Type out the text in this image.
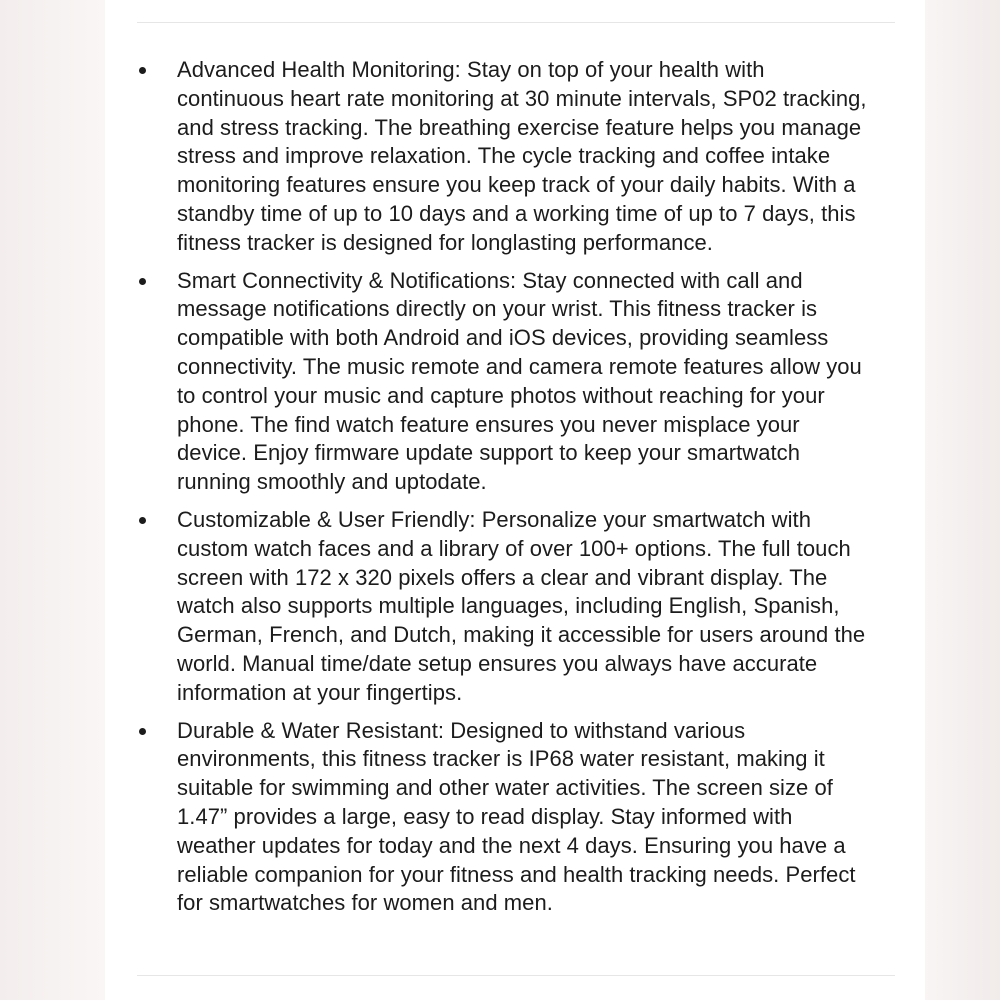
Advanced Health Monitoring: Stay on top of your health with continuous heart rate monitoring at 30 minute intervals, SP02 tracking, and stress tracking. The breathing exercise feature helps you manage stress and improve relaxation. The cycle tracking and coffee intake monitoring features ensure you keep track of your daily habits. With a standby time of up to 10 days and a working time of up to 7 days, this fitness tracker is designed for longlasting performance.
Smart Connectivity & Notifications: Stay connected with call and message notifications directly on your wrist. This fitness tracker is compatible with both Android and iOS devices, providing seamless connectivity. The music remote and camera remote features allow you to control your music and capture photos without reaching for your phone. The find watch feature ensures you never misplace your device. Enjoy firmware update support to keep your smartwatch running smoothly and uptodate.
Customizable & User Friendly: Personalize your smartwatch with custom watch faces and a library of over 100+ options. The full touch screen with 172 x 320 pixels offers a clear and vibrant display. The watch also supports multiple languages, including English, Spanish, German, French, and Dutch, making it accessible for users around the world. Manual time/date setup ensures you always have accurate information at your fingertips.
Durable & Water Resistant: Designed to withstand various environments, this fitness tracker is IP68 water resistant, making it suitable for swimming and other water activities. The screen size of 1.47” provides a large, easy to read display. Stay informed with weather updates for today and the next 4 days. Ensuring you have a reliable companion for your fitness and health tracking needs. Perfect for smartwatches for women and men.
